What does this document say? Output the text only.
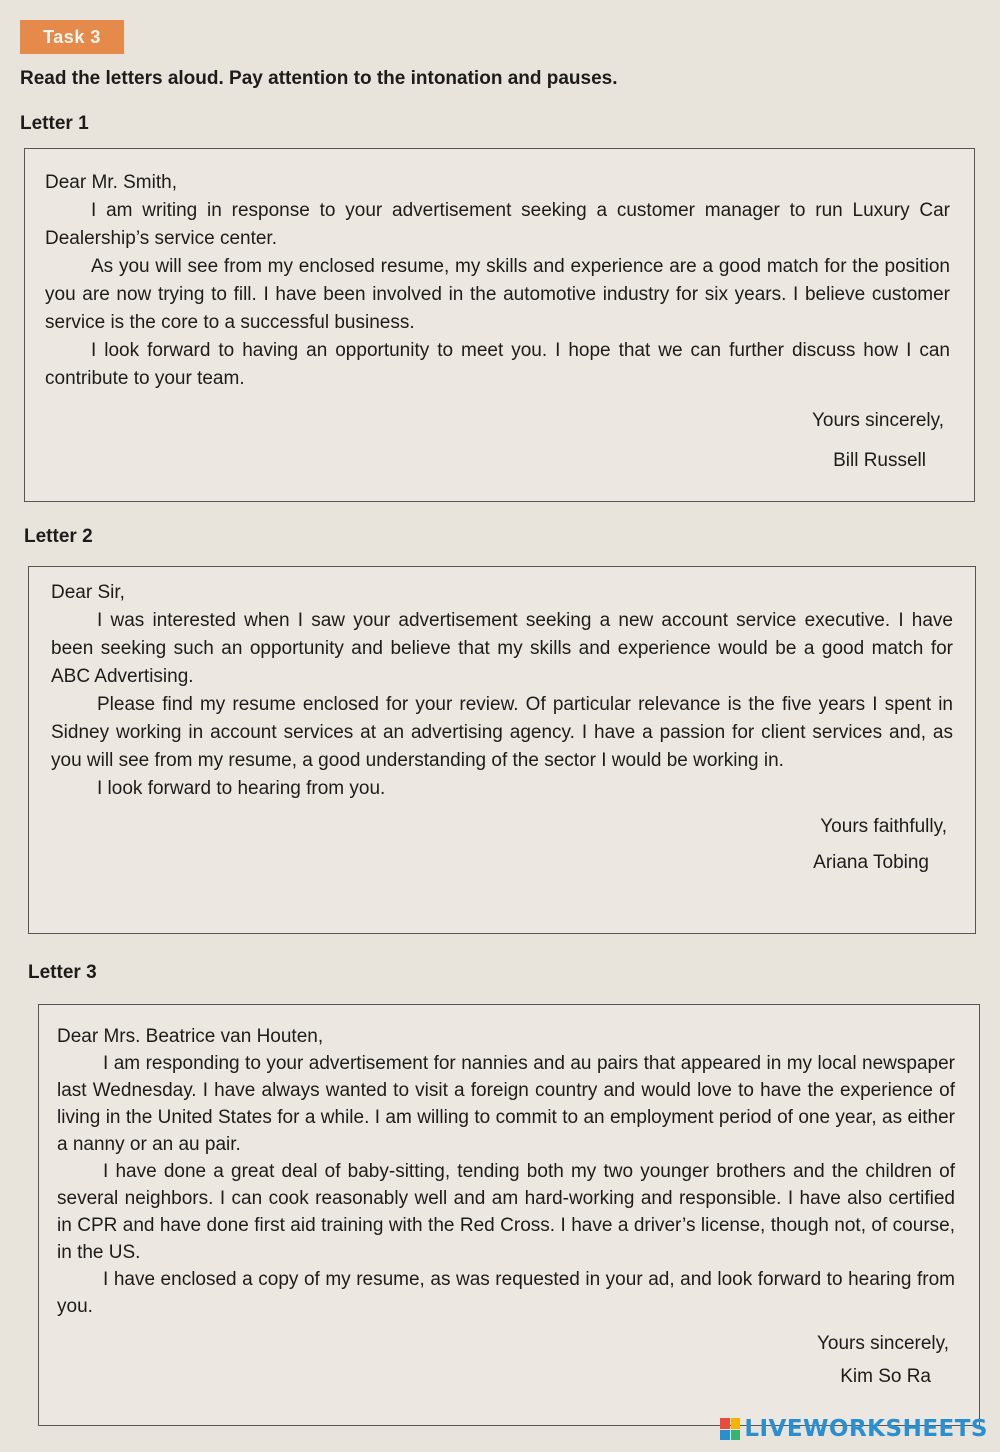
Task 3
Read the letters aloud. Pay attention to the intonation and pauses.
Letter 1

Dear Mr. Smith,

I am writing in response to your advertisement seeking a customer manager to run Luxury Car Dealership’s service center.

As you will see from my enclosed resume, my skills and experience are a good match for the position you are now trying to fill. I have been involved in the automotive industry for six years. I believe customer service is the core to a successful business.

I look forward to having an opportunity to meet you. I hope that we can further discuss how I can contribute to your team.

Yours sincerely,

Bill Russell

Letter 2

Dear Sir,

I was interested when I saw your advertisement seeking a new account service executive. I have been seeking such an opportunity and believe that my skills and experience would be a good match for ABC Advertising.

Please find my resume enclosed for your review. Of particular relevance is the five years I spent in Sidney working in account services at an advertising agency. I have a passion for client services and, as you will see from my resume, a good understanding of the sector I would be working in.

I look forward to hearing from you.

Yours faithfully,

Ariana Tobing

Letter 3

Dear Mrs. Beatrice van Houten,

I am responding to your advertisement for nannies and au pairs that appeared in my local newspaper last Wednesday. I have always wanted to visit a foreign country and would love to have the experience of living in the United States for a while. I am willing to commit to an employment period of one year, as either a nanny or an au pair.

I have done a great deal of baby-sitting, tending both my two younger brothers and the children of several neighbors. I can cook reasonably well and am hard-working and responsible. I have also certified in CPR and have done first aid training with the Red Cross. I have a driver’s license, though not, of course, in the US.

I have enclosed a copy of my resume, as was requested in your ad, and look forward to hearing from you.

Yours sincerely,

Kim So Ra

LIVEWORKSHEETS
